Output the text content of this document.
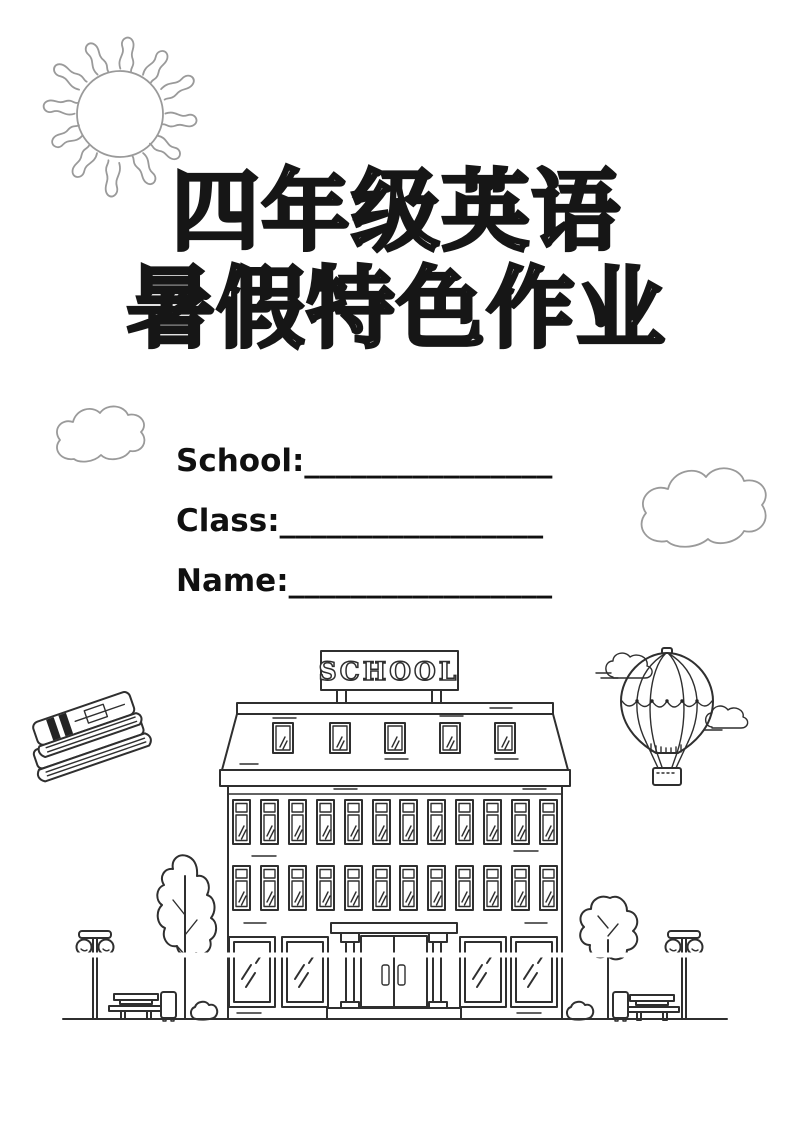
SCHOOL
四年级英语
暑假特色作业
School:________________
Class:_________________
Name:_________________
